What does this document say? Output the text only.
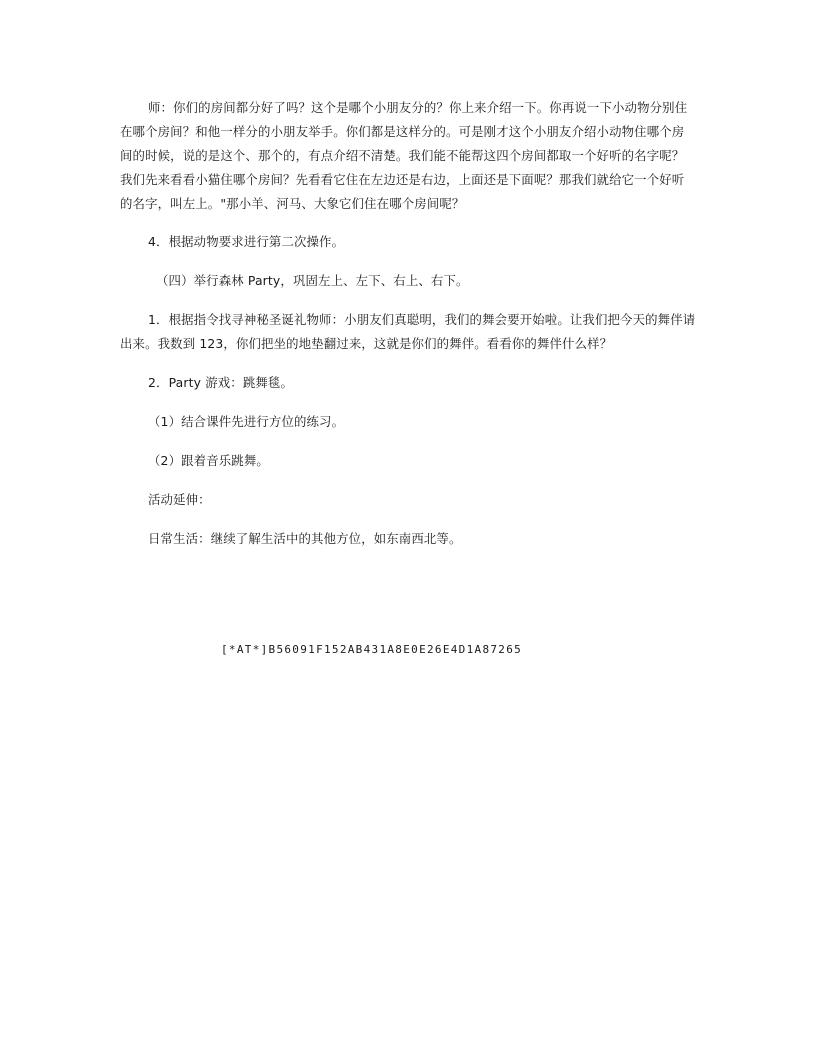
师：你们的房间都分好了吗？这个是哪个小朋友分的？你上来介绍一下。你再说一下小动物分别住在哪个房间？和他一样分的小朋友举手。你们都是这样分的。可是刚才这个小朋友介绍小动物住哪个房间的时候，说的是这个、那个的，有点介绍不清楚。我们能不能帮这四个房间都取一个好听的名字呢？我们先来看看小猫住哪个房间？先看看它住在左边还是右边，上面还是下面呢？那我们就给它一个好听的名字，叫左上。"那小羊、河马、大象它们住在哪个房间呢？

4．根据动物要求进行第二次操作。

（四）举行森林 Party，巩固左上、左下、右上、右下。

1．根据指令找寻神秘圣诞礼物师：小朋友们真聪明，我们的舞会要开始啦。让我们把今天的舞伴请出来。我数到 123，你们把坐的地垫翻过来，这就是你们的舞伴。看看你的舞伴什么样？

2．Party 游戏：跳舞毯。

（1）结合课件先进行方位的练习。

（2）跟着音乐跳舞。

活动延伸：

日常生活：继续了解生活中的其他方位，如东南西北等。

[*AT*]B56091F152AB431A8E0E26E4D1A87265
